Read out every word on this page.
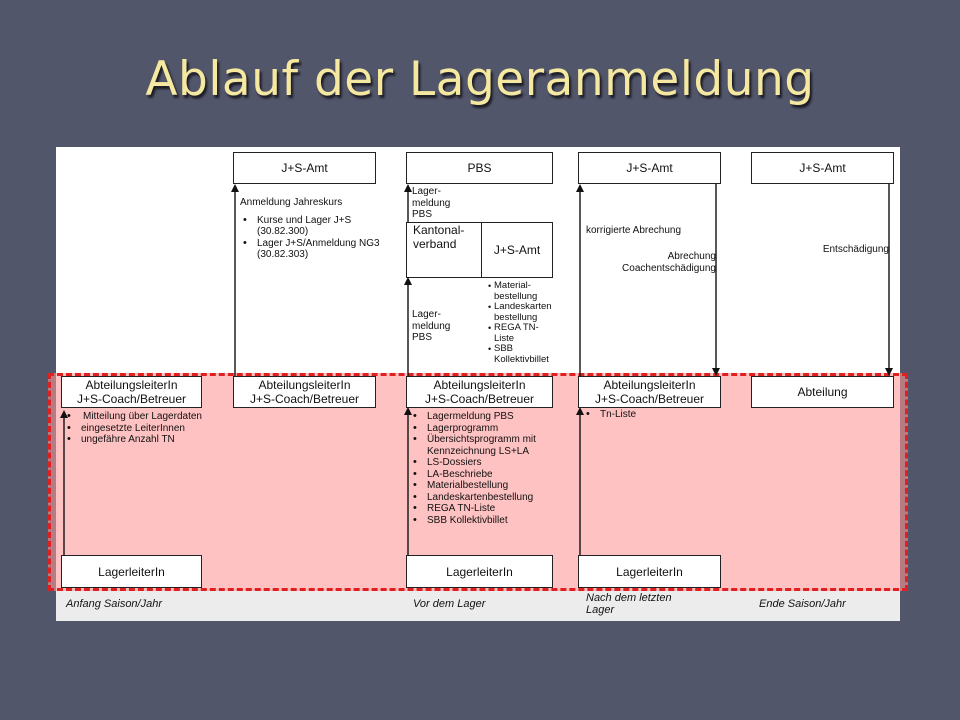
Ablauf der Lageranmeldung
J+S-Amt	PBS	J+S-Amt	J+S-Amt
Kantonal-
verband	J+S-Amt
AbteilungsleiterIn
J+S-Coach/Betreuer
AbteilungsleiterIn
J+S-Coach/Betreuer
AbteilungsleiterIn
J+S-Coach/Betreuer
AbteilungsleiterIn
J+S-Coach/Betreuer	Abteilung
LagerleiterIn	LagerleiterIn	LagerleiterIn
Anmeldung Jahreskurs
• Kurse und Lager J+S (30.82.300)
• Lager J+S/Anmeldung NG3 (30.82.303)
Lager-
meldung
PBS
Lager-
meldung
PBS
• Material-bestellung
• Landeskarten bestellung
• REGA TN-Liste
• SBB Kollektivbillet
korrigierte Abrechung
Abrechung
Coachentschädigung
Entschädigung
• Mitteilung über Lagerdaten
• eingesetzte LeiterInnen
• ungefähre Anzahl TN
• Lagermeldung PBS
• Lagerprogramm
• Übersichtsprogramm mit Kennzeichnung LS+LA
• LS-Dossiers
• LA-Beschriebe
• Materialbestellung
• Landeskartenbestellung
• REGA TN-Liste
• SBB Kollektivbillet
• Tn-Liste
Anfang Saison/Jahr	Vor dem Lager	Nach dem letzten
Lager	Ende Saison/Jahr
